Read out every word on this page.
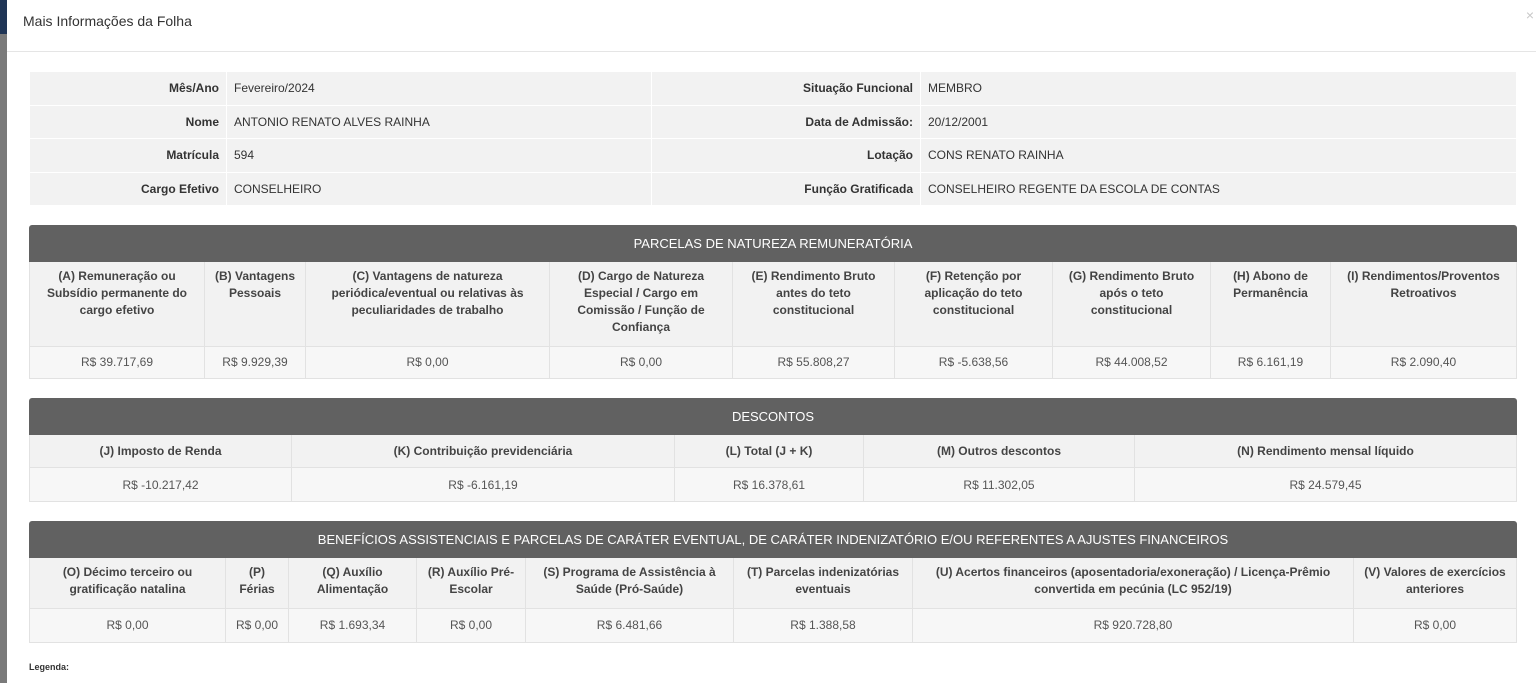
Mais Informações da Folha	×
Mês/Ano	Fevereiro/2024	Situação Funcional	MEMBRO
Nome	ANTONIO RENATO ALVES RAINHA	Data de Admissão:	20/12/2001
Matrícula	594	Lotação	CONS RENATO RAINHA
Cargo Efetivo	CONSELHEIRO	Função Gratificada	CONSELHEIRO REGENTE DA ESCOLA DE CONTAS
PARCELAS DE NATUREZA REMUNERATÓRIA
(A) Remuneração ou Subsídio permanente do cargo efetivo	(B) Vantagens Pessoais	(C) Vantagens de natureza periódica/eventual ou relativas às peculiaridades de trabalho	(D) Cargo de Natureza Especial / Cargo em Comissão / Função de Confiança	(E) Rendimento Bruto antes do teto constitucional	(F) Retenção por aplicação do teto constitucional	(G) Rendimento Bruto após o teto constitucional	(H) Abono de Permanência	(I) Rendimentos/Proventos Retroativos
R$ 39.717,69	R$ 9.929,39	R$ 0,00	R$ 0,00	R$ 55.808,27	R$ -5.638,56	R$ 44.008,52	R$ 6.161,19	R$ 2.090,40
DESCONTOS
(J) Imposto de Renda	(K) Contribuição previdenciária	(L) Total (J + K)	(M) Outros descontos	(N) Rendimento mensal líquido
R$ -10.217,42	R$ -6.161,19	R$ 16.378,61	R$ 11.302,05	R$ 24.579,45
BENEFÍCIOS ASSISTENCIAIS E PARCELAS DE CARÁTER EVENTUAL, DE CARÁTER INDENIZATÓRIO E/OU REFERENTES A AJUSTES FINANCEIROS
(O) Décimo terceiro ou gratificação natalina	(P) Férias	(Q) Auxílio Alimentação	(R) Auxílio Pré-Escolar	(S) Programa de Assistência à Saúde (Pró-Saúde)	(T) Parcelas indenizatórias eventuais	(U) Acertos financeiros (aposentadoria/exoneração) / Licença-Prêmio convertida em pecúnia (LC 952/19)	(V) Valores de exercícios anteriores
R$ 0,00	R$ 0,00	R$ 1.693,34	R$ 0,00	R$ 6.481,66	R$ 1.388,58	R$ 920.728,80	R$ 0,00
Legenda:
